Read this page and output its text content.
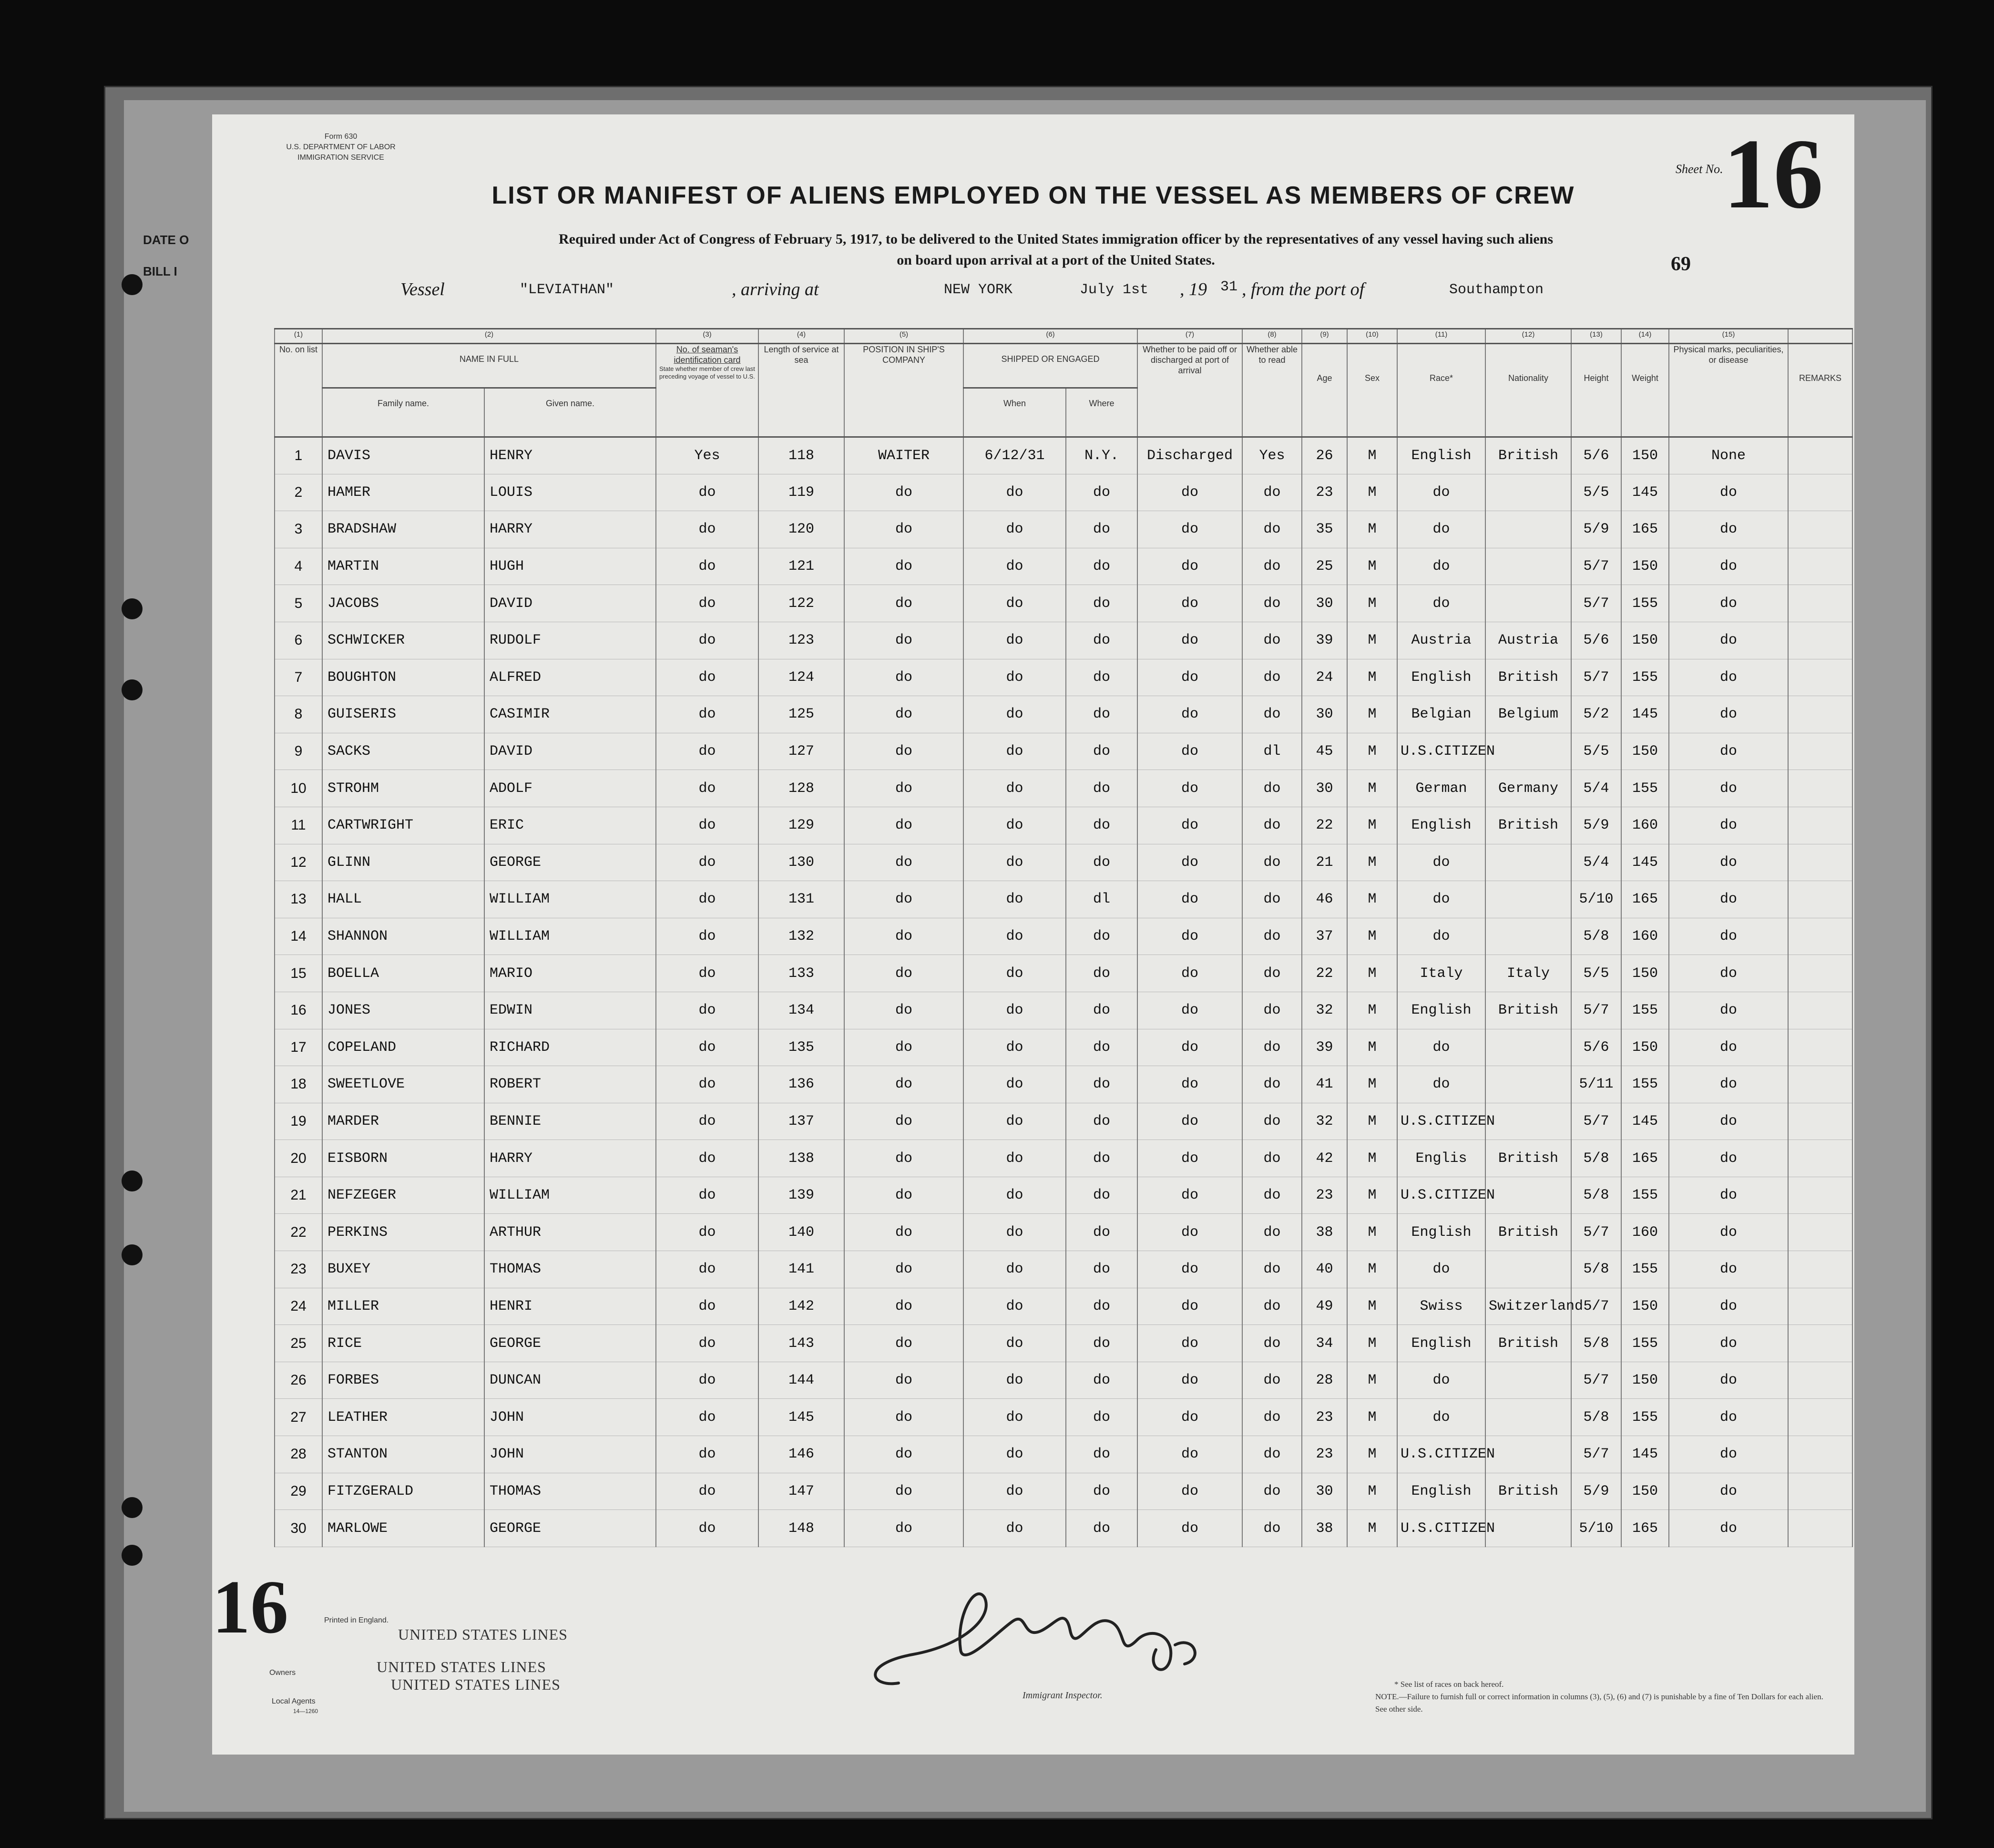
DATE O
BILL I
Form 630
U.S. DEPARTMENT OF LABOR
IMMIGRATION SERVICE
LIST OR MANIFEST OF ALIENS EMPLOYED ON THE VESSEL AS MEMBERS OF CREW
Required under Act of Congress of February 5, 1917, to be delivered to the United States immigration officer by the representatives of any vessel having such aliens
on board upon arrival at a port of the United States.
Sheet No. 16
69
Vessel	"LEVIATHAN"	, arriving at	NEW YORK	July 1st , 19 31 , from the port of	Southampton
(1)	(2)		(3)	(4)	(5)	(6)		(7)	(8)	(9)	(10)	(11)	(12)	(13)	(14)	(15)	
No. on list	NAME IN FULL		No. of seaman's identification card
State whether member of crew last preceding voyage of vessel to U.S.	Length of service at sea	POSITION IN SHIP'S COMPANY	SHIPPED OR ENGAGED		Whether to be paid off or discharged at port of arrival	Whether able to read	Age	Sex	Race*	Nationality	Height	Weight	Physical marks, peculiarities, or disease	REMARKS
	Family name.	Given name.				When	Where										
1	DAVIS	HENRY	Yes	118	WAITER	6/12/31	N.Y.	Discharged	Yes	26	M	English	British	5/6	150	None	
2	HAMER	LOUIS	do	119	do	do	do	do	do	23	M	do		5/5	145	do	
3	BRADSHAW	HARRY	do	120	do	do	do	do	do	35	M	do		5/9	165	do	
4	MARTIN	HUGH	do	121	do	do	do	do	do	25	M	do		5/7	150	do	
5	JACOBS	DAVID	do	122	do	do	do	do	do	30	M	do		5/7	155	do	
6	SCHWICKER	RUDOLF	do	123	do	do	do	do	do	39	M	Austria	Austria	5/6	150	do	
7	BOUGHTON	ALFRED	do	124	do	do	do	do	do	24	M	English	British	5/7	155	do	
8	GUISERIS	CASIMIR	do	125	do	do	do	do	do	30	M	Belgian	Belgium	5/2	145	do	
9	SACKS	DAVID	do	127	do	do	do	do	dl	45	M	U.S.CITIZEN		5/5	150	do	
10	STROHM	ADOLF	do	128	do	do	do	do	do	30	M	German	Germany	5/4	155	do	
11	CARTWRIGHT	ERIC	do	129	do	do	do	do	do	22	M	English	British	5/9	160	do	
12	GLINN	GEORGE	do	130	do	do	do	do	do	21	M	do		5/4	145	do	
13	HALL	WILLIAM	do	131	do	do	dl	do	do	46	M	do		5/10	165	do	
14	SHANNON	WILLIAM	do	132	do	do	do	do	do	37	M	do		5/8	160	do	
15	BOELLA	MARIO	do	133	do	do	do	do	do	22	M	Italy	Italy	5/5	150	do	
16	JONES	EDWIN	do	134	do	do	do	do	do	32	M	English	British	5/7	155	do	
17	COPELAND	RICHARD	do	135	do	do	do	do	do	39	M	do		5/6	150	do	
18	SWEETLOVE	ROBERT	do	136	do	do	do	do	do	41	M	do		5/11	155	do	
19	MARDER	BENNIE	do	137	do	do	do	do	do	32	M	U.S.CITIZEN		5/7	145	do	
20	EISBORN	HARRY	do	138	do	do	do	do	do	42	M	Englis	British	5/8	165	do	
21	NEFZEGER	WILLIAM	do	139	do	do	do	do	do	23	M	U.S.CITIZEN		5/8	155	do	
22	PERKINS	ARTHUR	do	140	do	do	do	do	do	38	M	English	British	5/7	160	do	
23	BUXEY	THOMAS	do	141	do	do	do	do	do	40	M	do		5/8	155	do	
24	MILLER	HENRI	do	142	do	do	do	do	do	49	M	Swiss	Switzerland	5/7	150	do	
25	RICE	GEORGE	do	143	do	do	do	do	do	34	M	English	British	5/8	155	do	
26	FORBES	DUNCAN	do	144	do	do	do	do	do	28	M	do		5/7	150	do	
27	LEATHER	JOHN	do	145	do	do	do	do	do	23	M	do		5/8	155	do	
28	STANTON	JOHN	do	146	do	do	do	do	do	23	M	U.S.CITIZEN		5/7	145	do	
29	FITZGERALD	THOMAS	do	147	do	do	do	do	do	30	M	English	British	5/9	150	do	
30	MARLOWE	GEORGE	do	148	do	do	do	do	do	38	M	U.S.CITIZEN		5/10	165	do	
16	Printed in England.
Owners
Local Agents
14—1260
UNITED STATES LINES
UNITED STATES LINES
UNITED STATES LINES
Immigrant Inspector.
* See list of races on back hereof.
NOTE.—Failure to furnish full or correct information in columns (3), (5), (6) and (7) is punishable by a fine of Ten Dollars for each alien. See other side.
